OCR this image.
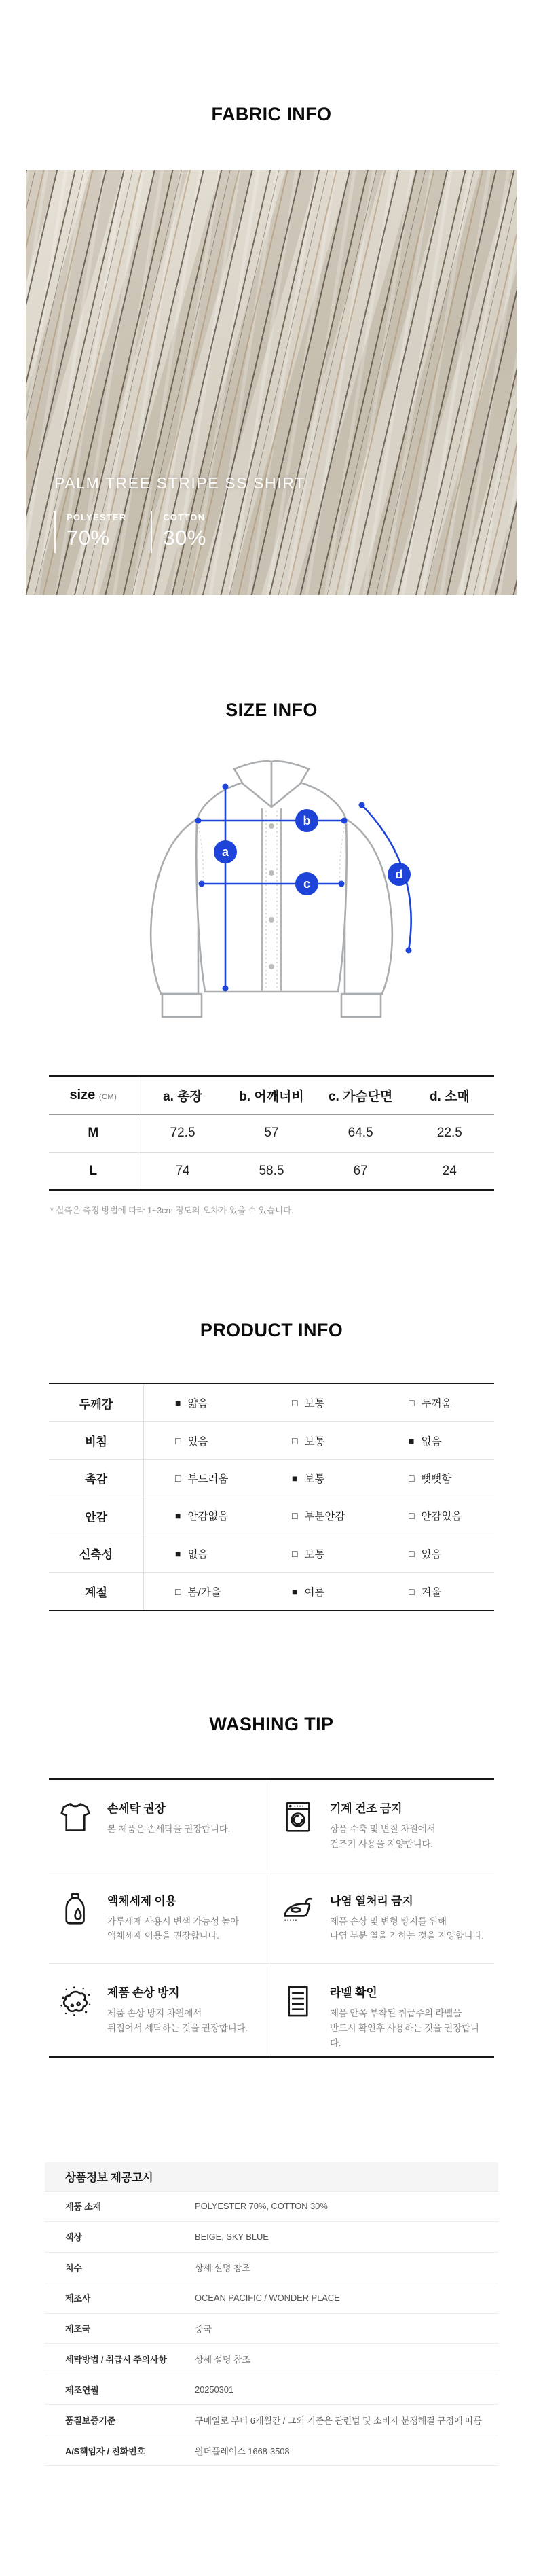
FABRIC INFO
PALM TREE STRIPE SS SHIRT
POLYESTER
70%
COTTON
30%
SIZE INFO
a
b
c
d
size (CM)	a. 총장	b. 어깨너비	c. 가슴단면	d. 소매
M	72.5	57	64.5	22.5
L	74	58.5	67	24
* 실측은 측정 방법에 따라 1~3cm 정도의 오차가 있을 수 있습니다.
PRODUCT INFO
두께감	■ 얇음	□ 보통	□ 두꺼움
비침	□ 있음	□ 보통	■ 없음
촉감	□ 부드러움	■ 보통	□ 뻣뻣함
안감	■ 안감없음	□ 부분안감	□ 안감있음
신축성	■ 없음	□ 보통	□ 있음
계절	□ 봄/가을	■ 여름	□ 겨울
WASHING TIP
손세탁 권장
본 제품은 손세탁을 권장합니다.
기계 건조 금지
상품 수축 및 변질 차원에서
건조기 사용을 지양합니다.
액체세제 이용
가루세제 사용시 변색 가능성 높아
액체세제 이용을 권장합니다.
나염 열처리 금지
제품 손상 및 변형 방지를 위해
나염 부분 열을 가하는 것을 지양합니다.
제품 손상 방지
제품 손상 방지 차원에서
뒤집어서 세탁하는 것을 권장합니다.
라벨 확인
제품 안쪽 부착된 취급주의 라벨을
반드시 확인후 사용하는 것을 권장합니다.
상품정보 제공고시
제품 소재	POLYESTER 70%, COTTON 30%
색상	BEIGE, SKY BLUE
치수	상세 설명 참조
제조사	OCEAN PACIFIC / WONDER PLACE
제조국	중국
세탁방법 / 취급시 주의사항	상세 설명 참조
제조연월	20250301
품질보증기준	구매일로 부터 6개월간 / 그외 기준은 관련법 및 소비자 분쟁해결 규정에 따름
A/S책임자 / 전화번호	원더플레이스 1668-3508
